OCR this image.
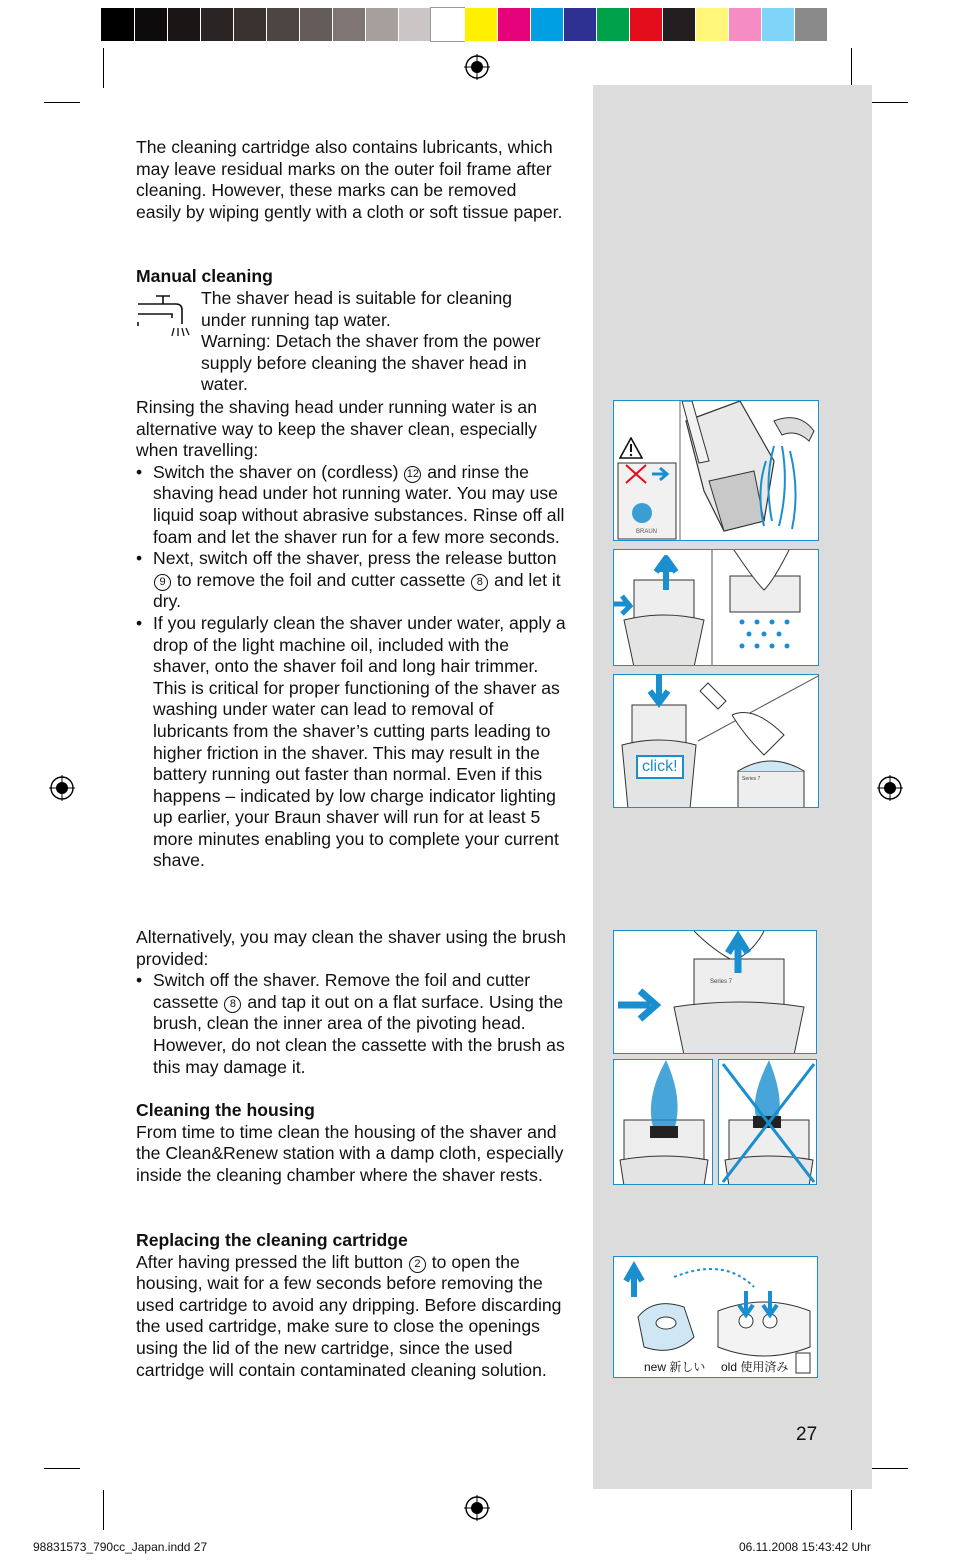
The cleaning cartridge also contains lubricants, which may leave residual marks on the outer foil frame after cleaning. However, these marks can be removed easily by wiping gently with a cloth or soft tissue paper.

Manual cleaning

The shaver head is suitable for cleaning under running tap water.

Warning: Detach the shaver from the power supply before cleaning the shaver head in water.

Rinsing the shaving head under running water is an alternative way to keep the shaver clean, especially when travelling:

• Switch the shaver on (cordless) 12 and rinse the shaving head under hot running water. You may use liquid soap without abrasive substances. Rinse off all foam and let the shaver run for a few more seconds.

• Next, switch off the shaver, press the release button 9 to remove the foil and cutter cassette 8 and let it dry.

• If you regularly clean the shaver under water, apply a drop of the light machine oil, included with the shaver, onto the shaver foil and long hair trimmer. This is critical for proper functioning of the shaver as washing under water can lead to removal of lubricants from the shaver’s cutting parts leading to higher friction in the shaver. This may result in the battery running out faster than normal. Even if this happens – indicated by low charge indicator lighting up earlier, your Braun shaver will run for at least 5 more minutes enabling you to complete your current shave.

Alternatively, you may clean the shaver using the brush provided:

• Switch off the shaver. Remove the foil and cutter cassette 8 and tap it out on a flat surface. Using the brush, clean the inner area of the pivoting head. However, do not clean the cassette with the brush as this may damage it.

Cleaning the housing

From time to time clean the housing of the shaver and the Clean&Renew station with a damp cloth, especially inside the cleaning chamber where the shaver rests.

Replacing the cleaning cartridge

After having pressed the lift button 2 to open the housing, wait for a few seconds before removing the used cartridge to avoid any dripping. Before discarding the used cartridge, make sure to close the openings using the lid of the new cartridge, since the used cartridge will contain contaminated cleaning solution.

BRAUN
click!
Series 7
Series 7
new 新しい old 使用済み
27
98831573_790cc_Japan.indd 27	06.11.2008 15:43:42 Uhr
